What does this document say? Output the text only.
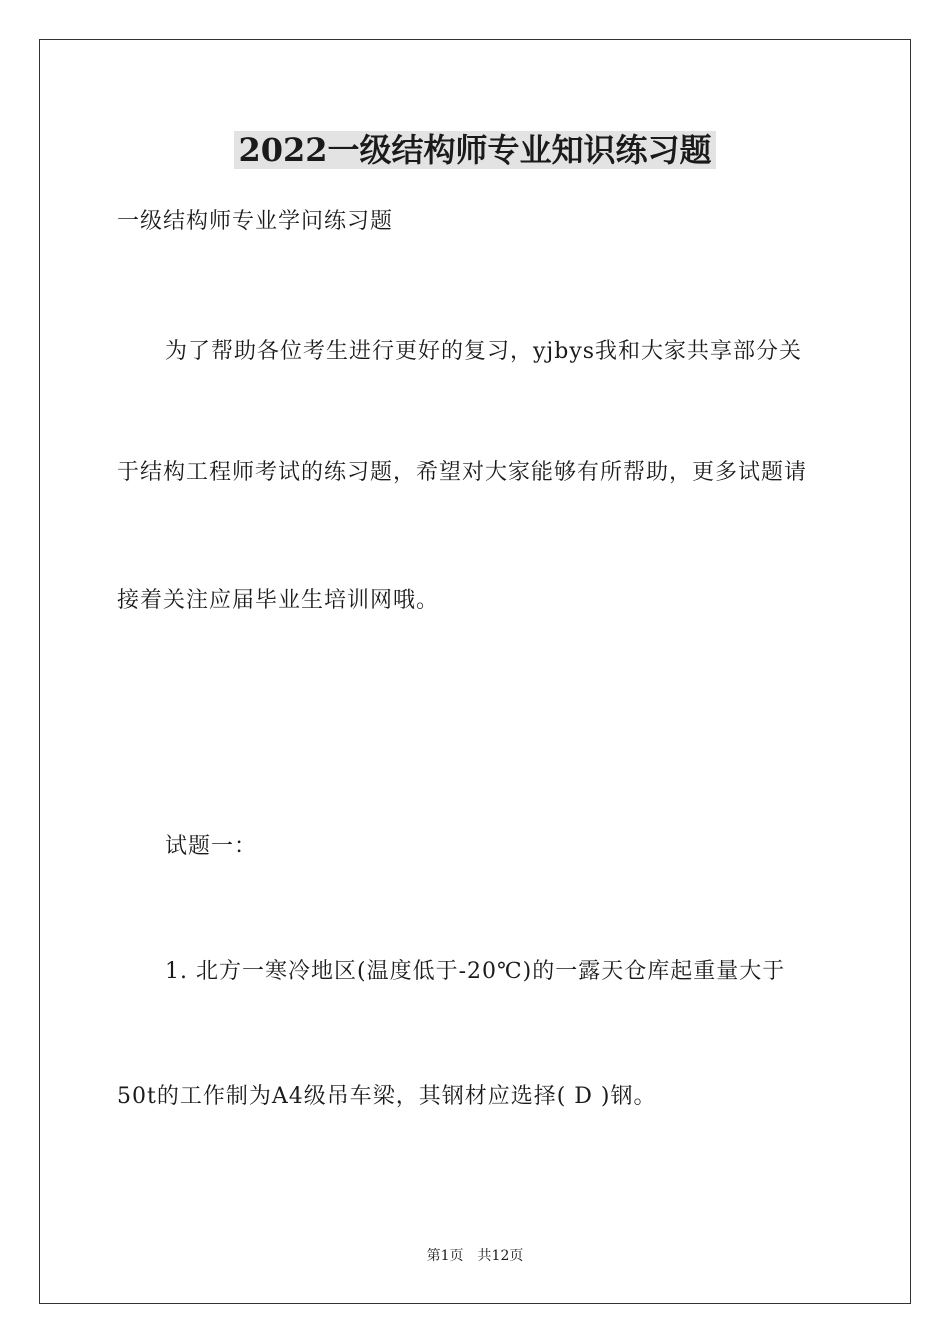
2022一级结构师专业知识练习题
一级结构师专业学问练习题
为了帮助各位考生进行更好的复习，yjbys我和大家共享部分关
于结构工程师考试的练习题，希望对大家能够有所帮助，更多试题请
接着关注应届毕业生培训网哦。
试题一：
1. 北方一寒冷地区(温度低于-20℃)的一露天仓库起重量大于
50t的工作制为A4级吊车梁，其钢材应选择( D )钢。
第1页　共12页
